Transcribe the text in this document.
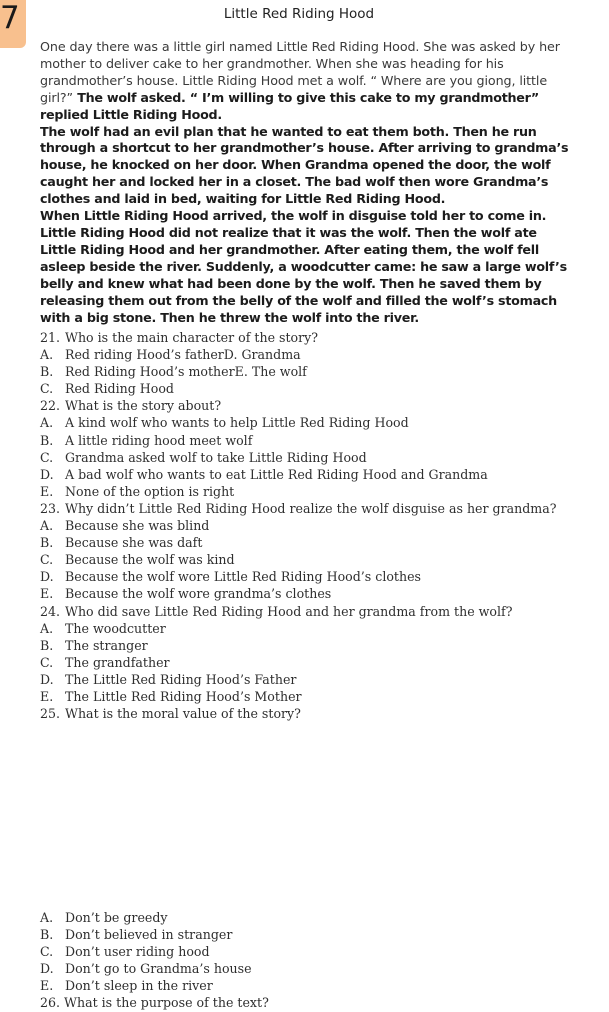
7	Little Red Riding Hood

One day there was a little girl named Little Red Riding Hood. She was asked by her mother to deliver cake to her grandmother. When she was heading for his grandmother’s house. Little Riding Hood met a wolf. “ Where are you giong, little girl?” The wolf asked. “ I’m willing to give this cake to my grandmother” replied Little Riding Hood.

The wolf had an evil plan that he wanted to eat them both. Then he run through a shortcut to her grandmother’s house. After arriving to grandma’s house, he knocked on her door. When Grandma opened the door, the wolf caught her and locked her in a closet. The bad wolf then wore Grandma’s clothes and laid in bed, waiting for Little Red Riding Hood.

When Little Riding Hood arrived, the wolf in disguise told her to come in. Little Riding Hood did not realize that it was the wolf. Then the wolf ate Little Riding Hood and her grandmother. After eating them, the wolf fell asleep beside the river. Suddenly, a woodcutter came: he saw a large wolf’s belly and knew what had been done by the wolf. Then he saved them by releasing them out from the belly of the wolf and filled the wolf’s stomach with a big stone. Then he threw the wolf into the river.

21. Who is the main character of the story?
A. Red riding Hood’s fatherD. Grandma
B. Red Riding Hood’s motherE. The wolf
C. Red Riding Hood
22. What is the story about?
A. A kind wolf who wants to help Little Red Riding Hood
B. A little riding hood meet wolf
C. Grandma asked wolf to take Little Riding Hood
D. A bad wolf who wants to eat Little Red Riding Hood and Grandma
E. None of the option is right
23. Why didn’t Little Red Riding Hood realize the wolf disguise as her grandma?
A. Because she was blind
B. Because she was daft
C. Because the wolf was kind
D. Because the wolf wore Little Red Riding Hood’s clothes
E. Because the wolf wore grandma’s clothes
24. Who did save Little Red Riding Hood and her grandma from the wolf?
A. The woodcutter
B. The stranger
C. The grandfather
D. The Little Red Riding Hood’s Father
E. The Little Red Riding Hood’s Mother
25. What is the moral value of the story?
A. Don’t be greedy
B. Don’t believed in stranger
C. Don’t user riding hood
D. Don’t go to Grandma’s house
E. Don’t sleep in the river
26. What is the purpose of the text?
